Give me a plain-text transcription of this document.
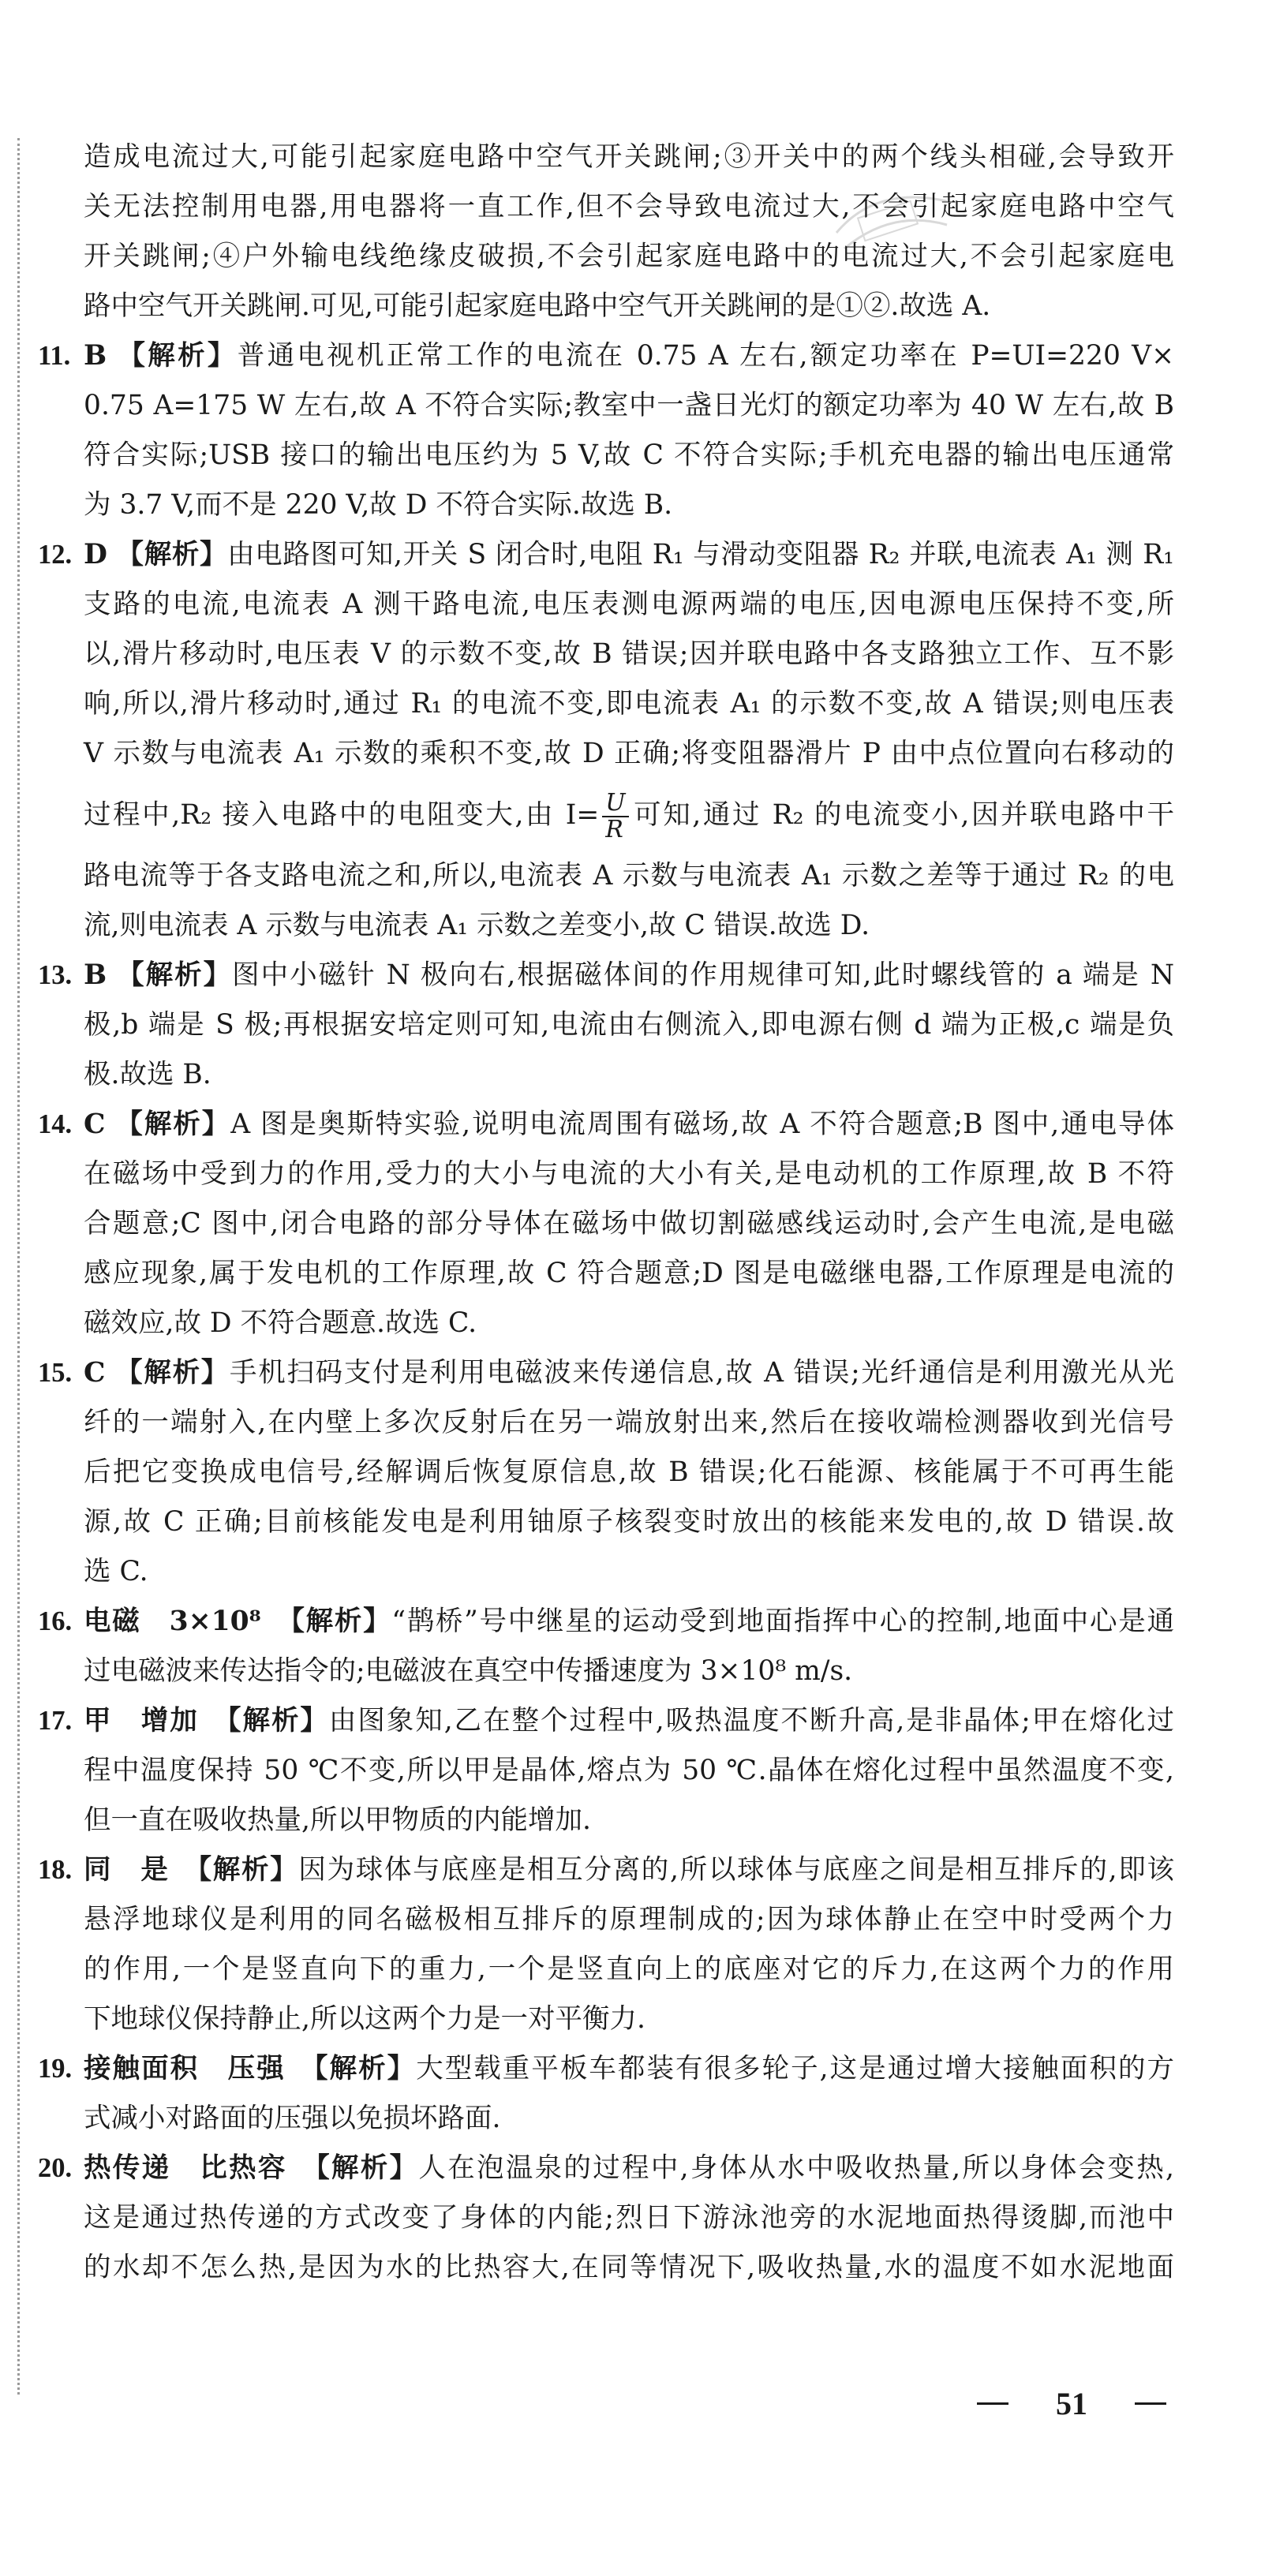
造成电流过大,可能引起家庭电路中空气开关跳闸;③开关中的两个线头相碰,会导致开
关无法控制用电器,用电器将一直工作,但不会导致电流过大,不会引起家庭电路中空气
开关跳闸;④户外输电线绝缘皮破损,不会引起家庭电路中的电流过大,不会引起家庭电
路中空气开关跳闸.可见,可能引起家庭电路中空气开关跳闸的是①②.故选 A.
11. B 【解析】普通电视机正常工作的电流在 0.75 A 左右,额定功率在 P=UI=220 V×
0.75 A=175 W 左右,故 A 不符合实际;教室中一盏日光灯的额定功率为 40 W 左右,故 B
符合实际;USB 接口的输出电压约为 5 V,故 C 不符合实际;手机充电器的输出电压通常
为 3.7 V,而不是 220 V,故 D 不符合实际.故选 B.
12. D 【解析】由电路图可知,开关 S 闭合时,电阻 R₁ 与滑动变阻器 R₂ 并联,电流表 A₁ 测 R₁
支路的电流,电流表 A 测干路电流,电压表测电源两端的电压,因电源电压保持不变,所
以,滑片移动时,电压表 V 的示数不变,故 B 错误;因并联电路中各支路独立工作、互不影
响,所以,滑片移动时,通过 R₁ 的电流不变,即电流表 A₁ 的示数不变,故 A 错误;则电压表
V 示数与电流表 A₁ 示数的乘积不变,故 D 正确;将变阻器滑片 P 由中点位置向右移动的
过程中,R₂ 接入电路中的电阻变大,由 $I= \frac{U}{R}$ 可知,通过 R₂ 的电流变小,因并联电路中干
路电流等于各支路电流之和,所以,电流表 A 示数与电流表 A₁ 示数之差等于通过 R₂ 的电
流,则电流表 A 示数与电流表 A₁ 示数之差变小,故 C 错误.故选 D.
13. B 【解析】图中小磁针 N 极向右,根据磁体间的作用规律可知,此时螺线管的 a 端是 N
极,b 端是 S 极;再根据安培定则可知,电流由右侧流入,即电源右侧 d 端为正极,c 端是负
极.故选 B.
14. C 【解析】A 图是奥斯特实验,说明电流周围有磁场,故 A 不符合题意;B 图中,通电导体
在磁场中受到力的作用,受力的大小与电流的大小有关,是电动机的工作原理,故 B 不符
合题意;C 图中,闭合电路的部分导体在磁场中做切割磁感线运动时,会产生电流,是电磁
感应现象,属于发电机的工作原理,故 C 符合题意;D 图是电磁继电器,工作原理是电流的
磁效应,故 D 不符合题意.故选 C.
15. C 【解析】手机扫码支付是利用电磁波来传递信息,故 A 错误;光纤通信是利用激光从光
纤的一端射入,在内壁上多次反射后在另一端放射出来,然后在接收端检测器收到光信号
后把它变换成电信号,经解调后恢复原信息,故 B 错误;化石能源、核能属于不可再生能
源,故 C 正确;目前核能发电是利用铀原子核裂变时放出的核能来发电的,故 D 错误.故
选 C.
16. 电磁　3×10⁸　 【解析】“鹊桥”号中继星的运动受到地面指挥中心的控制,地面中心是通
过电磁波来传达指令的;电磁波在真空中传播速度为 3×10⁸ m/s.
17. 甲　增加　 【解析】由图象知,乙在整个过程中,吸热温度不断升高,是非晶体;甲在熔化过
程中温度保持 50 ℃不变,所以甲是晶体,熔点为 50 ℃.晶体在熔化过程中虽然温度不变,
但一直在吸收热量,所以甲物质的内能增加.
18. 同　是　 【解析】因为球体与底座是相互分离的,所以球体与底座之间是相互排斥的,即该
悬浮地球仪是利用的同名磁极相互排斥的原理制成的;因为球体静止在空中时受两个力
的作用,一个是竖直向下的重力,一个是竖直向上的底座对它的斥力,在这两个力的作用
下地球仪保持静止,所以这两个力是一对平衡力.
19. 接触面积　压强　 【解析】大型载重平板车都装有很多轮子,这是通过增大接触面积的方
式减小对路面的压强以免损坏路面.
20. 热传递　比热容　 【解析】人在泡温泉的过程中,身体从水中吸收热量,所以身体会变热,
这是通过热传递的方式改变了身体的内能;烈日下游泳池旁的水泥地面热得烫脚,而池中
的水却不怎么热,是因为水的比热容大,在同等情况下,吸收热量,水的温度不如水泥地面
51
